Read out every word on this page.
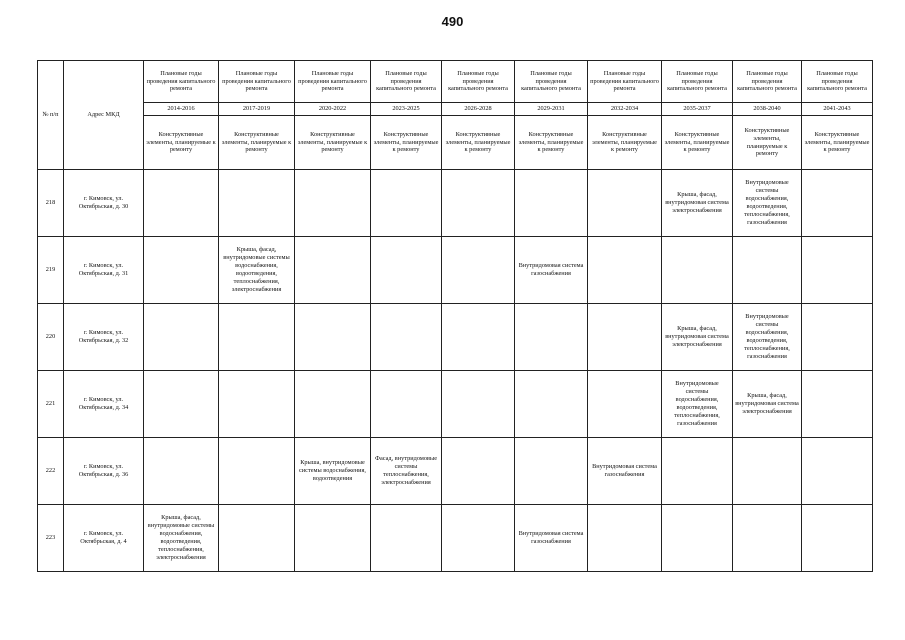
490
№ п/п	Адрес МКД	Плановые годы проведения капитального ремонта	Плановые годы проведения капитального ремонта	Плановые годы проведения капитального ремонта	Плановые годы проведения капитального ремонта	Плановые годы проведения капитального ремонта	Плановые годы проведения капитального ремонта	Плановые годы проведения капитального ремонта	Плановые годы проведения капитального ремонта	Плановые годы проведения капитального ремонта	Плановые годы проведения капитального ремонта
		2014-2016	2017-2019	2020-2022	2023-2025	2026-2028	2029-2031	2032-2034	2035-2037	2038-2040	2041-2043
		Конструктивные элементы, планируемые к ремонту	Конструктивные элементы, планируемые к ремонту	Конструктивные элементы, планируемые к ремонту	Конструктивные элементы, планируемые к ремонту	Конструктивные элементы, планируемые к ремонту	Конструктивные элементы, планируемые к ремонту	Конструктивные элементы, планируемые к ремонту	Конструктивные элементы, планируемые к ремонту	Конструктивные элементы, планируемые к ремонту	Конструктивные элементы, планируемые к ремонту
218	г. Кимовск, ул. Октябрьская, д. 30								Крыша, фасад, внутридомовая система электроснабжения	Внутридомовые системы водоснабжения, водоотведения, теплоснабжения, газоснабжения	
219	г. Кимовск, ул. Октябрьская, д. 31		Крыша, фасад, внутридомовые системы водоснабжения, водоотведения, теплоснабжения, электроснабжения				Внутридомовая система газоснабжения				
220	г. Кимовск, ул. Октябрьская, д. 32								Крыша, фасад, внутридомовая система электроснабжения	Внутридомовые системы водоснабжения, водоотведения, теплоснабжения, газоснабжения	
221	г. Кимовск, ул. Октябрьская, д. 34								Внутридомовые системы водоснабжения, водоотведения, теплоснабжения, газоснабжения	Крыша, фасад, внутридомовая система электроснабжения	
222	г. Кимовск, ул. Октябрьская, д. 36			Крыша, внутридомовые системы водоснабжения, водоотведения	Фасад, внутридомовые системы теплоснабжения, электроснабжения			Внутридомовая система газоснабжения			
223	г. Кимовск, ул. Октябрьская, д. 4	Крыша, фасад, внутридомовые системы водоснабжения, водоотведения, теплоснабжения, электроснабжения					Внутридомовая система газоснабжения				
